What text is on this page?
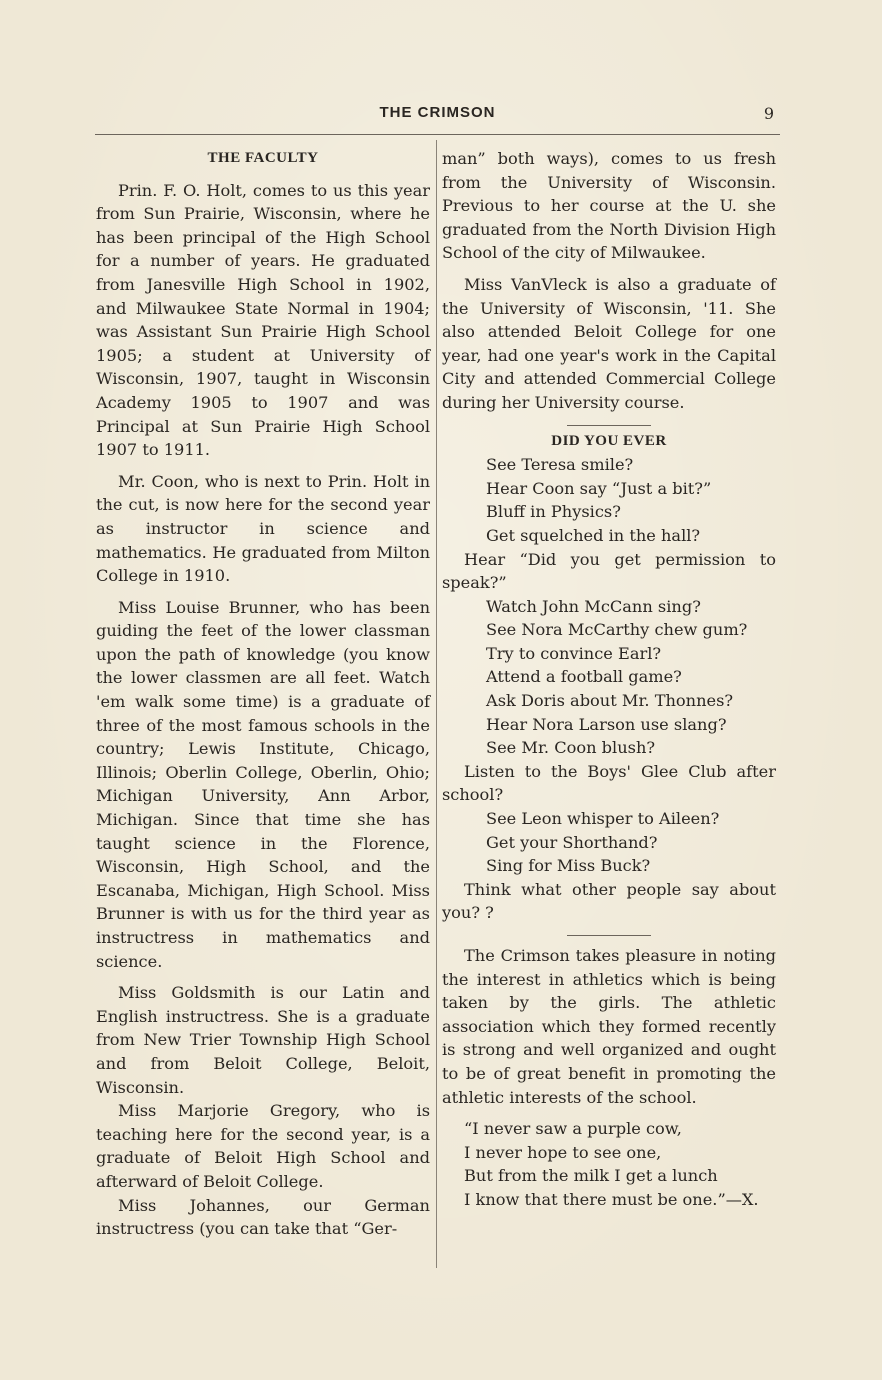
THE CRIMSON	9
THE FACULTY

Prin. F. O. Holt, comes to us this year from Sun Prairie, Wisconsin, where he has been principal of the High School for a number of years. He graduated from Janesville High School in 1902, and Milwaukee State Normal in 1904; was Assistant Sun Prairie High School 1905; a student at University of Wisconsin, 1907, taught in Wisconsin Academy 1905 to 1907 and was Principal at Sun Prairie High School 1907 to 1911.

Mr. Coon, who is next to Prin. Holt in the cut, is now here for the second year as instructor in science and mathematics. He graduated from Milton College in 1910.

Miss Louise Brunner, who has been guiding the feet of the lower classman upon the path of knowledge (you know the lower classmen are all feet. Watch 'em walk some time) is a graduate of three of the most famous schools in the country; Lewis Institute, Chicago, Illinois; Oberlin College, Oberlin, Ohio; Michigan University, Ann Arbor, Michigan. Since that time she has taught science in the Florence, Wisconsin, High School, and the Escanaba, Michigan, High School. Miss Brunner is with us for the third year as instructress in mathematics and science.

Miss Goldsmith is our Latin and English instructress. She is a graduate from New Trier Township High School and from Beloit College, Beloit, Wisconsin.

Miss Marjorie Gregory, who is teaching here for the second year, is a graduate of Beloit High School and afterward of Beloit College.

Miss Johannes, our German instructress (you can take that “Ger-

man” both ways), comes to us fresh from the University of Wisconsin. Previous to her course at the U. she graduated from the North Division High School of the city of Milwaukee.

Miss VanVleck is also a graduate of the University of Wisconsin, '11. She also attended Beloit College for one year, had one year's work in the Capital City and attended Commercial College during her University course.

DID YOU EVER

See Teresa smile?

Hear Coon say “Just a bit?”

Bluff in Physics?

Get squelched in the hall?

Hear “Did you get permission to speak?”

Watch John McCann sing?

See Nora McCarthy chew gum?

Try to convince Earl?

Attend a football game?

Ask Doris about Mr. Thonnes?

Hear Nora Larson use slang?

See Mr. Coon blush?

Listen to the Boys' Glee Club after school?

See Leon whisper to Aileen?

Get your Shorthand?

Sing for Miss Buck?

Think what other people say about you? ?

The Crimson takes pleasure in noting the interest in athletics which is being taken by the girls. The athletic association which they formed recently is strong and well organized and ought to be of great benefit in promoting the athletic interests of the school.

“I never saw a purple cow,

I never hope to see one,

But from the milk I get a lunch

I know that there must be one.”—X.
